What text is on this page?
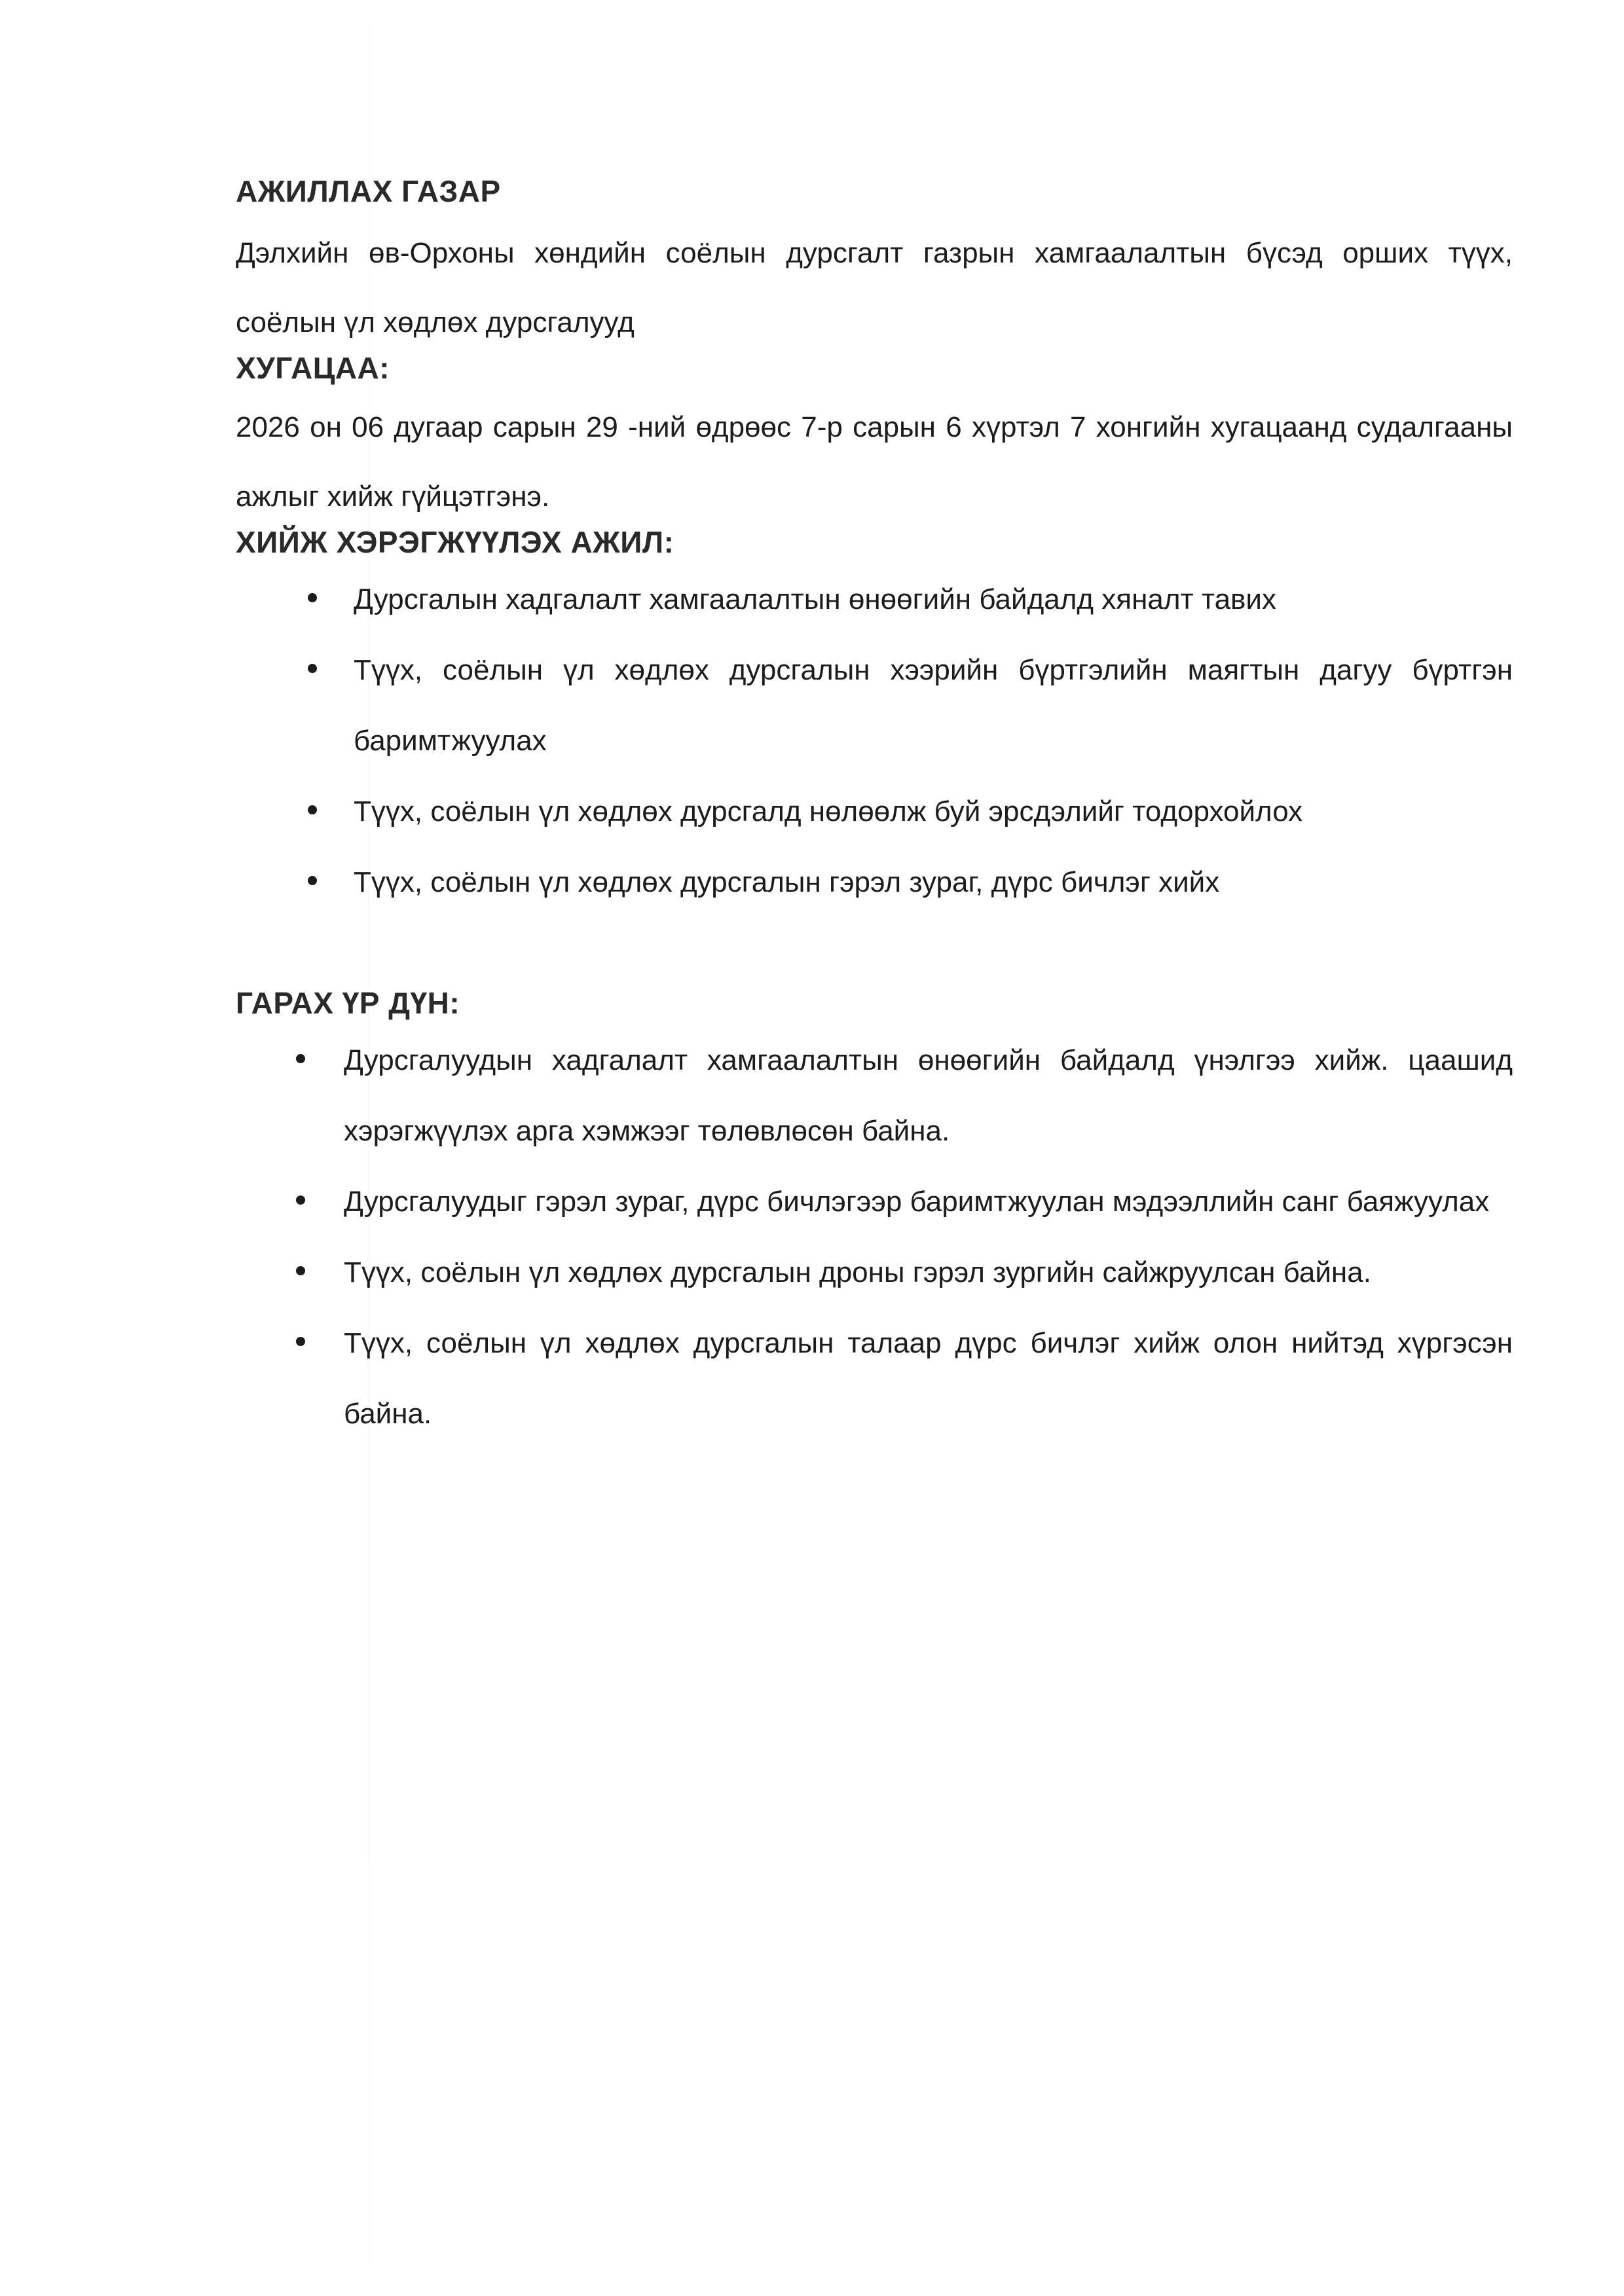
АЖИЛЛАХ ГАЗАР

Дэлхийн өв-Орхоны хөндийн соёлын дурсгалт газрын хамгаалалтын бүсэд орших түүх, соёлын үл хөдлөх дурсгалууд

ХУГАЦАА:

2026 он 06 дугаар сарын 29 -ний өдрөөс 7-р сарын 6 хүртэл 7 хонгийн хугацаанд судалгааны ажлыг хийж гүйцэтгэнэ.

ХИЙЖ ХЭРЭГЖҮҮЛЭХ АЖИЛ:
Дурсгалын хадгалалт хамгаалалтын өнөөгийн байдалд хяналт тавих
Түүх, соёлын үл хөдлөх дурсгалын хээрийн бүртгэлийн маягтын дагуу бүртгэн баримтжуулах
Түүх, соёлын үл хөдлөх дурсгалд нөлөөлж буй эрсдэлийг тодорхойлох
Түүх, соёлын үл хөдлөх дурсгалын гэрэл зураг, дүрс бичлэг хийх
ГАРАХ ҮР ДҮН:
Дурсгалуудын хадгалалт хамгаалалтын өнөөгийн байдалд үнэлгээ хийж. цаашид хэрэгжүүлэх арга хэмжээг төлөвлөсөн байна.
Дурсгалуудыг гэрэл зураг, дүрс бичлэгээр баримтжуулан мэдээллийн санг баяжуулах
Түүх, соёлын үл хөдлөх дурсгалын дроны гэрэл зургийн сайжруулсан байна.
Түүх, соёлын үл хөдлөх дурсгалын талаар дүрс бичлэг хийж олон нийтэд хүргэсэн байна.
